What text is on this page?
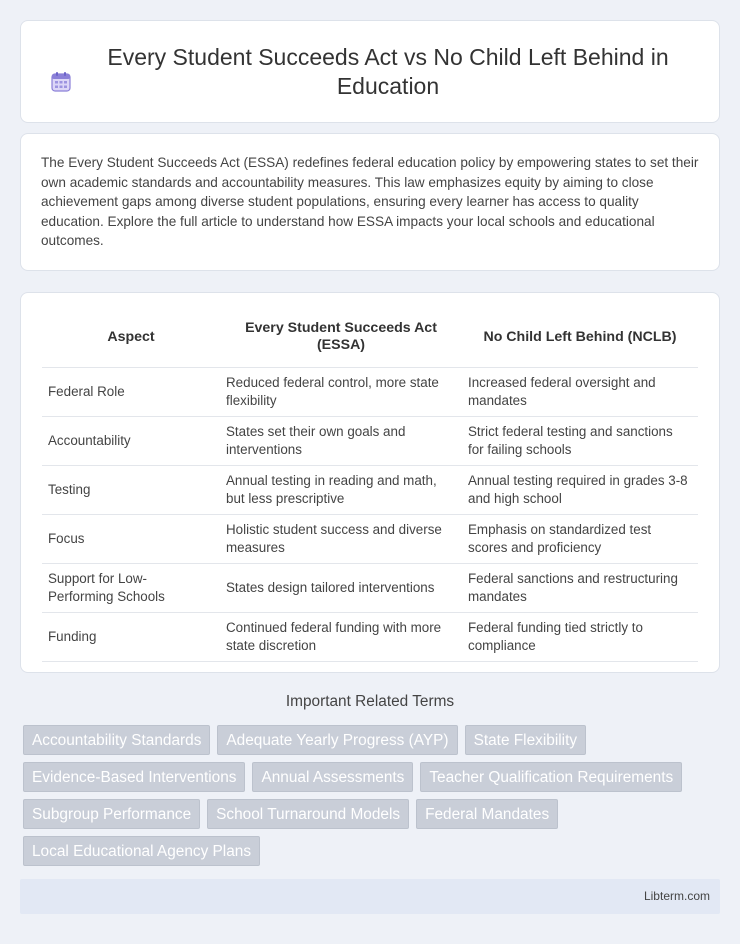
Every Student Succeeds Act vs No Child Left Behind in Education

The Every Student Succeeds Act (ESSA) redefines federal education policy by empowering states to set their own academic standards and accountability measures. This law emphasizes equity by aiming to close achievement gaps among diverse student populations, ensuring every learner has access to quality education. Explore the full article to understand how ESSA impacts your local schools and educational outcomes.

Aspect	Every Student Succeeds Act (ESSA)	No Child Left Behind (NCLB)
Federal Role	Reduced federal control, more state flexibility	Increased federal oversight and mandates
Accountability	States set their own goals and interventions	Strict federal testing and sanctions for failing schools
Testing	Annual testing in reading and math, but less prescriptive	Annual testing required in grades 3-8 and high school
Focus	Holistic student success and diverse measures	Emphasis on standardized test scores and proficiency
Support for Low-Performing Schools	States design tailored interventions	Federal sanctions and restructuring mandates
Funding	Continued federal funding with more state discretion	Federal funding tied strictly to compliance
Important Related Terms
Accountability Standards	Adequate Yearly Progress (AYP)	State Flexibility
Evidence-Based Interventions	Annual Assessments	Teacher Qualification Requirements
Subgroup Performance	School Turnaround Models	Federal Mandates
Local Educational Agency Plans
Libterm.com
